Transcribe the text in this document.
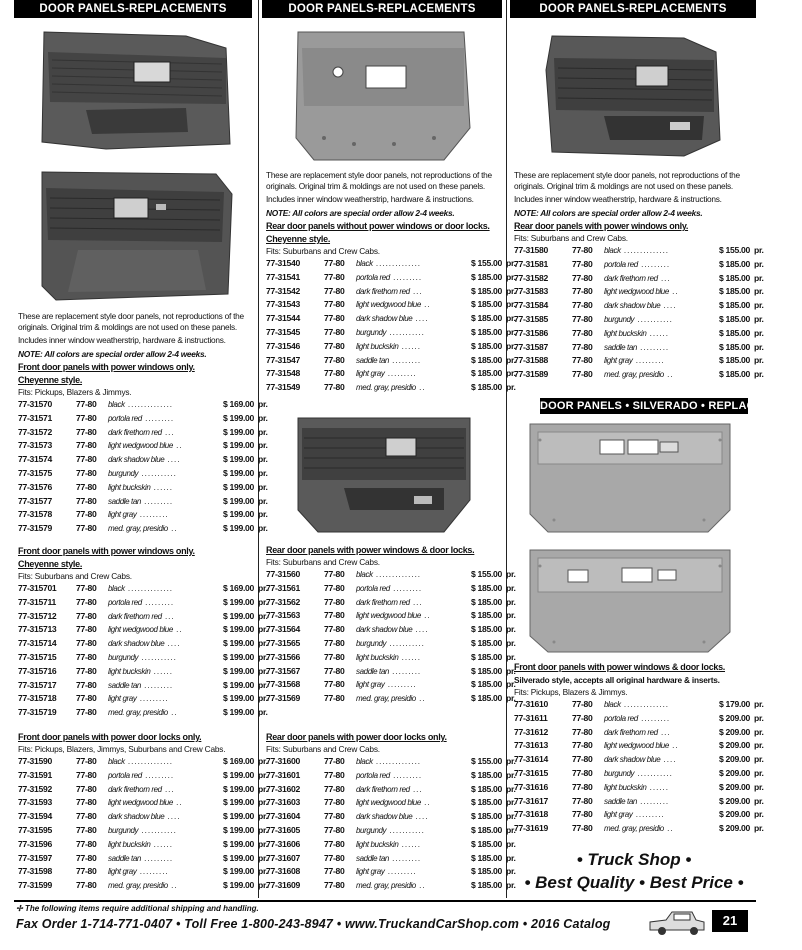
DOOR PANELS-REPLACEMENTS

These are replacement style door panels, not reproductions of the

originals. Original trim & moldings are not used on these panels.

Includes inner window weatherstrip, hardware & instructions.

NOTE: All colors are special order allow 2-4 weeks.

Front door panels with power windows only.
Cheyenne style.
Fits: Pickups, Blazers & Jimmys.
77-31570	77-80	black ..............	$ 169.00	pr.
77-31571	77-80	portola red .........	$ 199.00	pr.
77-31572	77-80	dark firethorn red ...	$ 199.00	pr.
77-31573	77-80	light wedgwood blue ..	$ 199.00	pr.
77-31574	77-80	dark shadow blue ....	$ 199.00	pr.
77-31575	77-80	burgundy ...........	$ 199.00	pr.
77-31576	77-80	light buckskin ......	$ 199.00	pr.
77-31577	77-80	saddle tan .........	$ 199.00	pr.
77-31578	77-80	light gray .........	$ 199.00	pr.
77-31579	77-80	med. gray, presidio ..	$ 199.00	pr.
Front door panels with power windows only.
Cheyenne style.
Fits: Suburbans and Crew Cabs.
77-315701	77-80	black ..............	$ 169.00	pr.
77-315711	77-80	portola red .........	$ 199.00	pr.
77-315712	77-80	dark firethorn red ...	$ 199.00	pr.
77-315713	77-80	light wedgwood blue ..	$ 199.00	pr.
77-315714	77-80	dark shadow blue ....	$ 199.00	pr.
77-315715	77-80	burgundy ...........	$ 199.00	pr.
77-315716	77-80	light buckskin ......	$ 199.00	pr.
77-315717	77-80	saddle tan .........	$ 199.00	pr.
77-315718	77-80	light gray .........	$ 199.00	pr.
77-315719	77-80	med. gray, presidio ..	$ 199.00	pr.
Front door panels with power door locks only.
Fits: Pickups, Blazers, Jimmys, Suburbans and Crew Cabs.
77-31590	77-80	black ..............	$ 169.00	pr.
77-31591	77-80	portola red .........	$ 199.00	pr.
77-31592	77-80	dark firethorn red ...	$ 199.00	pr.
77-31593	77-80	light wedgwood blue ..	$ 199.00	pr.
77-31594	77-80	dark shadow blue ....	$ 199.00	pr.
77-31595	77-80	burgundy ...........	$ 199.00	pr.
77-31596	77-80	light buckskin ......	$ 199.00	pr.
77-31597	77-80	saddle tan .........	$ 199.00	pr.
77-31598	77-80	light gray .........	$ 199.00	pr.
77-31599	77-80	med. gray, presidio ..	$ 199.00	pr.
DOOR PANELS-REPLACEMENTS

These are replacement style door panels, not reproductions of the

originals. Original trim & moldings are not used on these panels.

Includes inner window weatherstrip, hardware & instructions.

NOTE: All colors are special order allow 2-4 weeks.

Rear door panels without power windows or door locks.
Cheyenne style.
Fits: Suburbans and Crew Cabs.
77-31540	77-80	black ..............	$ 155.00	pr.
77-31541	77-80	portola red .........	$ 185.00	pr.
77-31542	77-80	dark firethorn red ...	$ 185.00	pr.
77-31543	77-80	light wedgwood blue ..	$ 185.00	pr.
77-31544	77-80	dark shadow blue ....	$ 185.00	pr.
77-31545	77-80	burgundy ...........	$ 185.00	pr.
77-31546	77-80	light buckskin ......	$ 185.00	pr.
77-31547	77-80	saddle tan .........	$ 185.00	pr.
77-31548	77-80	light gray .........	$ 185.00	pr.
77-31549	77-80	med. gray, presidio ..	$ 185.00	pr.
Rear door panels with power windows & door locks.
Fits: Suburbans and Crew Cabs.
77-31560	77-80	black ..............	$ 155.00	pr.
77-31561	77-80	portola red .........	$ 185.00	pr.
77-31562	77-80	dark firethorn red ...	$ 185.00	pr.
77-31563	77-80	light wedgwood blue ..	$ 185.00	pr.
77-31564	77-80	dark shadow blue ....	$ 185.00	pr.
77-31565	77-80	burgundy ...........	$ 185.00	pr.
77-31566	77-80	light buckskin ......	$ 185.00	pr.
77-31567	77-80	saddle tan .........	$ 185.00	pr.
77-31568	77-80	light gray .........	$ 185.00	pr.
77-31569	77-80	med. gray, presidio ..	$ 185.00	pr.
Rear door panels with power door locks only.
Fits: Suburbans and Crew Cabs.
77-31600	77-80	black ..............	$ 155.00	pr.
77-31601	77-80	portola red .........	$ 185.00	pr.
77-31602	77-80	dark firethorn red ...	$ 185.00	pr.
77-31603	77-80	light wedgwood blue ..	$ 185.00	pr.
77-31604	77-80	dark shadow blue ....	$ 185.00	pr.
77-31605	77-80	burgundy ...........	$ 185.00	pr.
77-31606	77-80	light buckskin ......	$ 185.00	pr.
77-31607	77-80	saddle tan .........	$ 185.00	pr.
77-31608	77-80	light gray .........	$ 185.00	pr.
77-31609	77-80	med. gray, presidio ..	$ 185.00	pr.
DOOR PANELS-REPLACEMENTS

These are replacement style door panels, not reproductions of the

originals. Original trim & moldings are not used on these panels.

Includes inner window weatherstrip, hardware & instructions.

NOTE: All colors are special order allow 2-4 weeks.

Rear door panels with power windows only.
Fits: Suburbans and Crew Cabs.
77-31580	77-80	black ..............	$ 155.00	pr.
77-31581	77-80	portola red .........	$ 185.00	pr.
77-31582	77-80	dark firethorn red ...	$ 185.00	pr.
77-31583	77-80	light wedgwood blue ..	$ 185.00	pr.
77-31584	77-80	dark shadow blue ....	$ 185.00	pr.
77-31585	77-80	burgundy ...........	$ 185.00	pr.
77-31586	77-80	light buckskin ......	$ 185.00	pr.
77-31587	77-80	saddle tan .........	$ 185.00	pr.
77-31588	77-80	light gray .........	$ 185.00	pr.
77-31589	77-80	med. gray, presidio ..	$ 185.00	pr.
DOOR PANELS • SILVERADO • REPLACEMENTS
Front door panels with power windows & door locks.
Silverado style, accepts all original hardware & inserts.
Fits: Pickups, Blazers & Jimmys.
77-31610	77-80	black ..............	$ 179.00	pr.
77-31611	77-80	portola red .........	$ 209.00	pr.
77-31612	77-80	dark firethorn red ...	$ 209.00	pr.
77-31613	77-80	light wedgwood blue ..	$ 209.00	pr.
77-31614	77-80	dark shadow blue ....	$ 209.00	pr.
77-31615	77-80	burgundy ...........	$ 209.00	pr.
77-31616	77-80	light buckskin ......	$ 209.00	pr.
77-31617	77-80	saddle tan .........	$ 209.00	pr.
77-31618	77-80	light gray .........	$ 209.00	pr.
77-31619	77-80	med. gray, presidio ..	$ 209.00	pr.
• Truck Shop •
• Best Quality • Best Price •
✢ The following items require additional shipping and handling.
Fax Order 1-714-771-0407 • Toll Free 1-800-243-8947 • www.TruckandCarShop.com • 2016 Catalog	21
